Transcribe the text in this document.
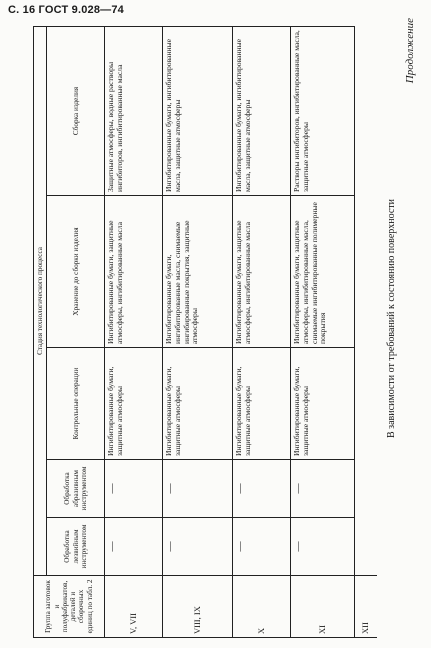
С. 16 ГОСТ 9.028—74
Продолжение
Группа заготовок и полуфабрикатов, деталей и сборочных единиц по табл. 2	Стадия технологического процесса				
	Обработка лезвийным инструментом	Обработка абразивным инструментом	Контрольные операции	Хранение до сборки изделия	Сборка изделия
V, VII	—	—	Ингибитированные бумаги, защитные атмосферы	Ингибитированные бумаги, защитные атмосферы, ингибитированные масла	Защитные атмосферы, водные растворы ингибиторов, ингибитированные масла
VIII, IX	—	—	Ингибитированные бумаги, защитные атмосферы	Ингибитированные бумаги, ингибитированные масла, снимаемые ингибированные покрытия, защитные атмосферы	Ингибитированные бумаги, ингибитированные масла, защитные атмосферы
X	—	—	Ингибитированные бумаги, защитные атмосферы	Ингибитированные бумаги, защитные атмосферы, ингибитированные масла	Ингибитированные бумаги, ингибитированные масла, защитные атмосферы
XI	—	—	Ингибитированные бумаги, защитные атмосферы	Ингибитированные бумаги, защитные атмосферы, ингибитированные масла, снимаемые ингибитированные полимерные покрытия	Растворы ингибиторов, ингибитированные масла, защитные атмосферы
XII					
В зависимости от требований к состоянию поверхности
